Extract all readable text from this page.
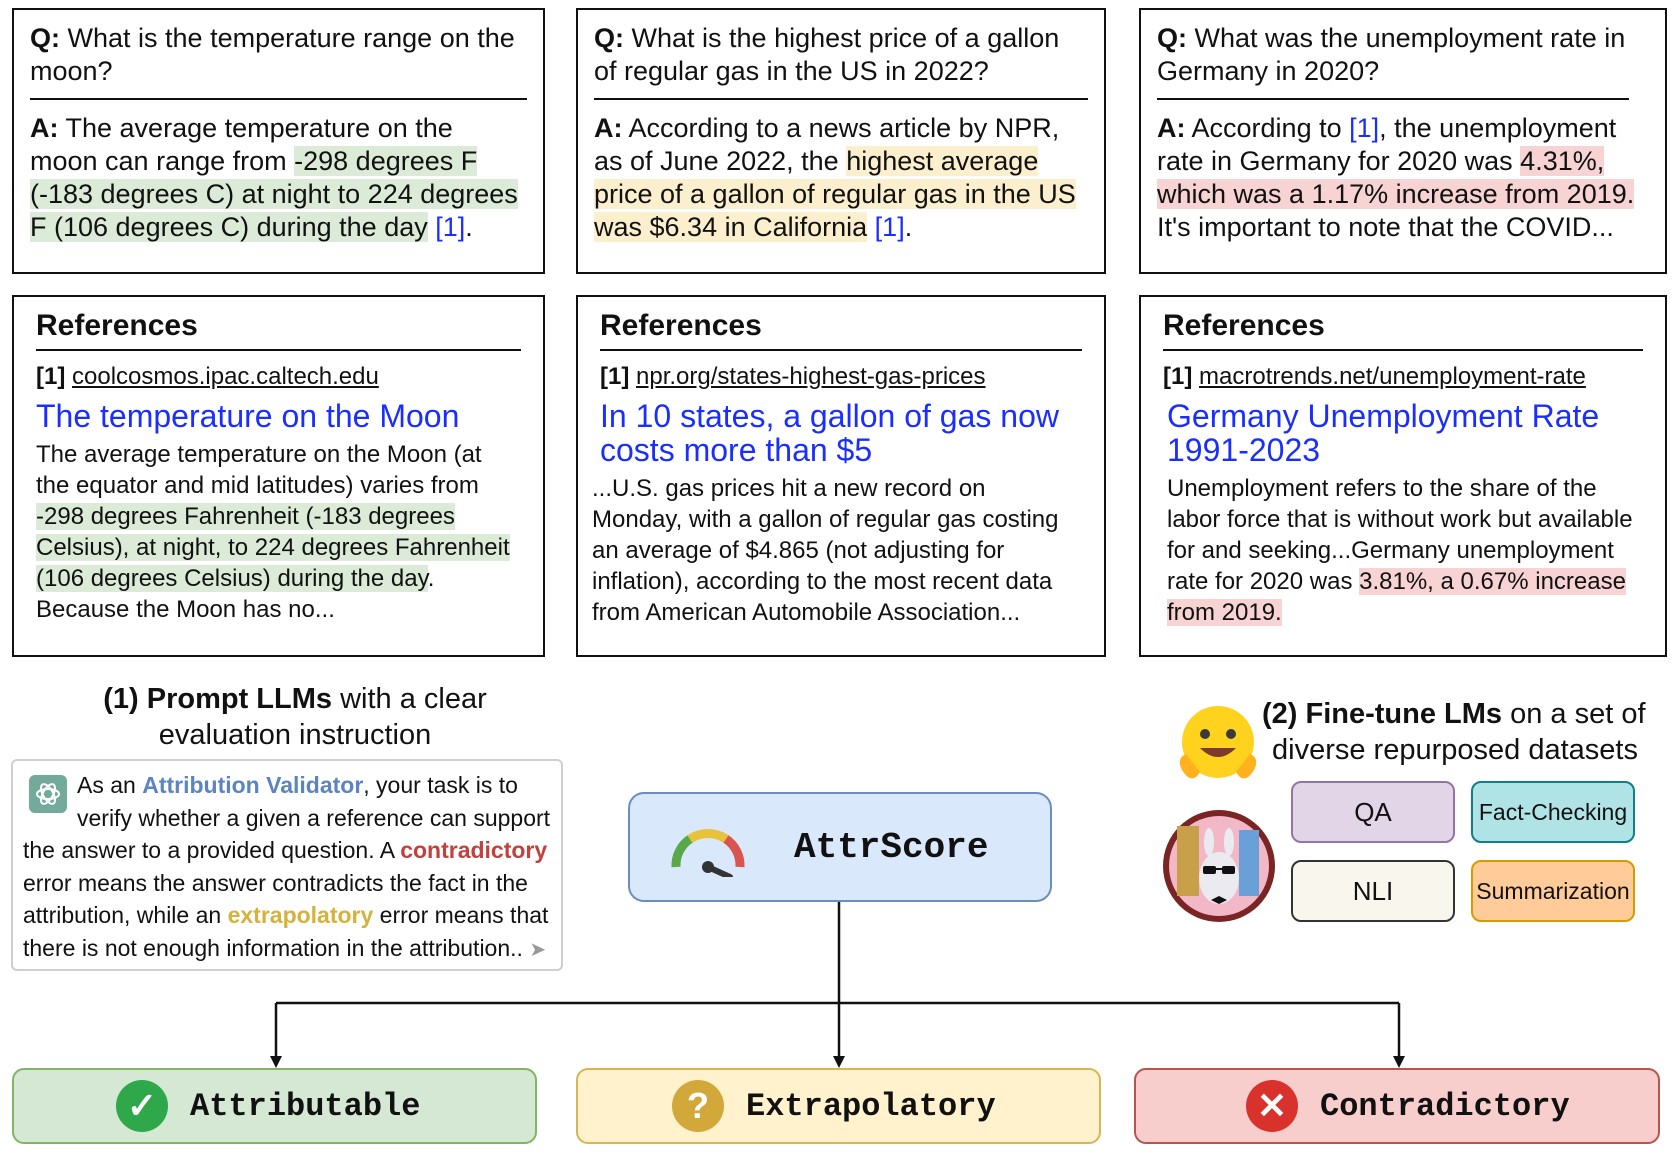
Q: What is the temperature range on the moon?
A: The average temperature on the moon can range from -298 degrees F (-183 degrees C) at night to 224 degrees F (106 degrees C) during the day [1].
Q: What is the highest price of a gallon of regular gas in the US in 2022?
A: According to a news article by NPR, as of June 2022, the highest average price of a gallon of regular gas in the US was $6.34 in California [1].
Q: What was the unemployment rate in Germany in 2020?
A: According to [1], the unemployment rate in Germany for 2020 was 4.31%, which was a 1.17% increase from 2019. It's important to note that the COVID...
References
[1] coolcosmos.ipac.caltech.edu
The temperature on the Moon
The average temperature on the Moon (at the equator and mid latitudes) varies from -298 degrees Fahrenheit (-183 degrees Celsius), at night, to 224 degrees Fahrenheit (106 degrees Celsius) during the day. Because the Moon has no...
References
[1] npr.org/states-highest-gas-prices
In 10 states, a gallon of gas now costs more than $5
...U.S. gas prices hit a new record on Monday, with a gallon of regular gas costing an average of $4.865 (not adjusting for inflation), according to the most recent data from American Automobile Association...
References
[1] macrotrends.net/unemployment-rate
Germany Unemployment Rate 1991-2023
Unemployment refers to the share of the labor force that is without work but available for and seeking...Germany unemployment rate for 2020 was 3.81%, a 0.67% increase from 2019.
(1) Prompt LLMs with a clear
evaluation instruction
As an Attribution Validator, your task is to verify whether a given a reference can support the answer to a provided question. A contradictory error means the answer contradicts the fact in the attribution, while an extrapolatory error means that there is not enough information in the attribution.. ➤
AttrScore
(2) Fine-tune LMs on a set of
diverse repurposed datasets
QA	Fact-Checking
NLI	Summarization
✓	Attributable	?	Extrapolatory	✕	Contradictory
